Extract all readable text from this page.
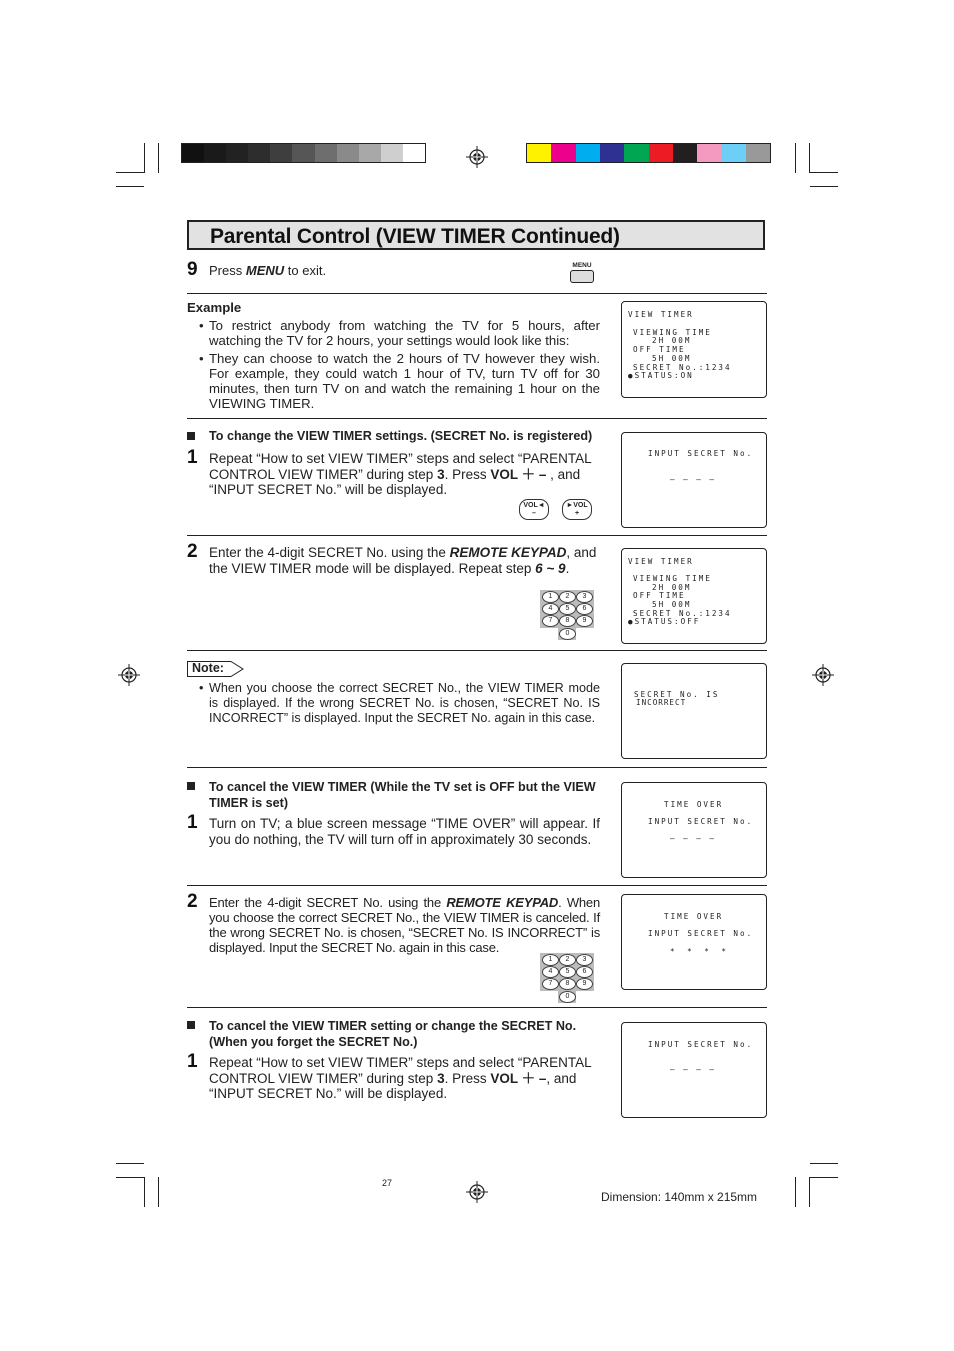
Parental Control (VIEW TIMER Continued)
9 Press MENU to exit.	MENU
Example
• To restrict anybody from watching the TV for 5 hours, after watching the TV for 2 hours, your settings would look like this:
• They can choose to watch the 2 hours of TV however they wish. For example, they could watch 1 hour of TV, turn TV off for 30 minutes, then turn TV on and watch the remaining 1 hour on the VIEWING TIMER.
VIEW TIMER
VIEWING TIME
2H 00M
OFF TIME
5H 00M
SECRET No.:1234
●STATUS:ON
To change the VIEW TIMER settings. (SECRET No. is registered)
1 Repeat “How to set VIEW TIMER” steps and select “PARENTAL CONTROL VIEW TIMER” during step 3. Press VOL ＋ – , and “INPUT SECRET No.” will be displayed.
VOL◄
–
►VOL
+
INPUT SECRET No.
– – – –
2 Enter the 4-digit SECRET No. using the REMOTE KEYPAD, and the VIEW TIMER mode will be displayed. Repeat step 6 ~ 9.
1	2	3
4	5	6
7	8	9
0
VIEW TIMER
VIEWING TIME
2H 00M
OFF TIME
5H 00M
SECRET No.:1234
●STATUS:OFF
Note:
• When you choose the correct SECRET No., the VIEW TIMER mode is displayed. If the wrong SECRET No. is chosen, “SECRET No. IS INCORRECT” is displayed. Input the SECRET No. again in this case.
SECRET No. IS
INCORRECT
To cancel the VIEW TIMER (While the TV set is OFF but the VIEW TIMER is set)
1 Turn on TV; a blue screen message “TIME OVER” will appear. If you do nothing, the TV will turn off in approximately 30 seconds.
TIME OVER
INPUT SECRET No.
– – – –
2 Enter the 4-digit SECRET No. using the REMOTE KEYPAD. When you choose the correct SECRET No., the VIEW TIMER is canceled. If the wrong SECRET No. is chosen, “SECRET No. IS INCORRECT” is displayed. Input the SECRET No. again in this case.
1	2	3
4	5	6
7	8	9
0
TIME OVER
INPUT SECRET No.
* * * *
To cancel the VIEW TIMER setting or change the SECRET No. (When you forget the SECRET No.)
1 Repeat “How to set VIEW TIMER” steps and select “PARENTAL CONTROL VIEW TIMER” during step 3. Press VOL ＋ –, and “INPUT SECRET No.” will be displayed.
INPUT SECRET No.
– – – –
27
Dimension: 140mm x 215mm
